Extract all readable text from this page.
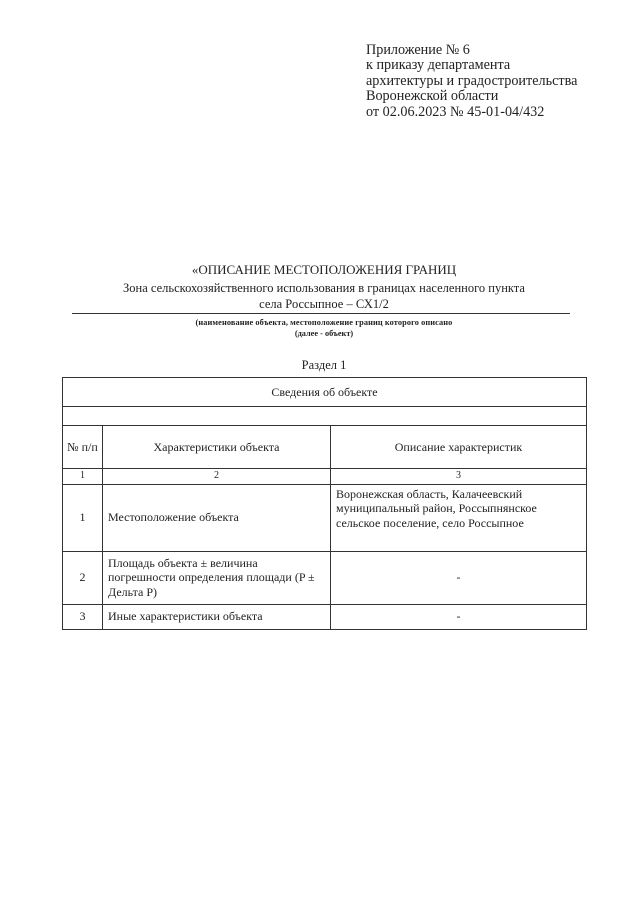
Приложение № 6
к приказу департамента
архитектуры и градостроительства
Воронежской области
от 02.06.2023 № 45-01-04/432
«ОПИСАНИЕ МЕСТОПОЛОЖЕНИЯ ГРАНИЦ
Зона сельскохозяйственного использования в границах населенного пункта
села Россыпное – СХ1/2
(наименование объекта, местоположение границ которого описано
(далее - объект)
Раздел 1
Сведения об объекте		

№ п/п	Характеристики объекта	Описание характеристик
1	2	3
1	Местоположение объекта	Воронежская область, Калачеевский муниципальный район, Россыпнянское сельское поселение, село Россыпное
2	Площадь объекта ± величина погрешности определения площади (P ± Дельта P)	-
3	Иные характеристики объекта	-
